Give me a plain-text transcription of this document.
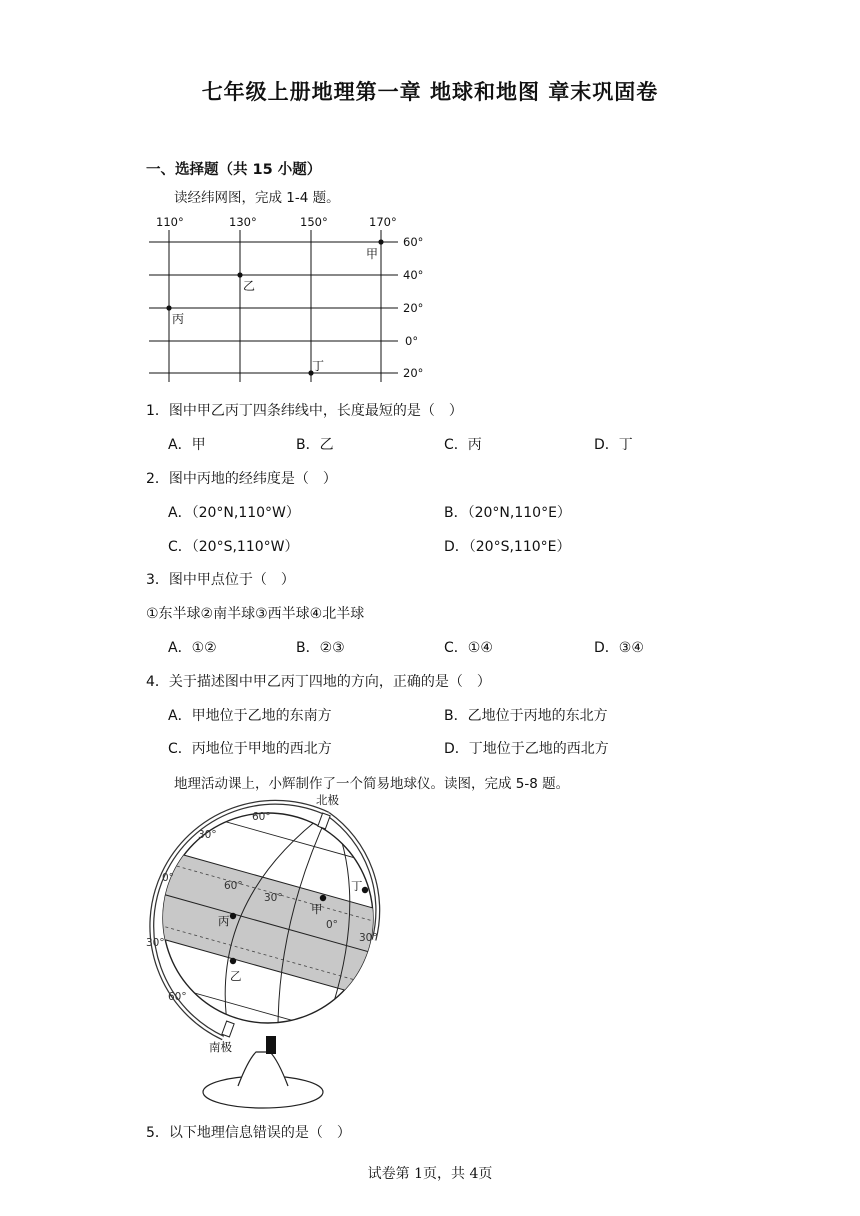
七年级上册地理第一章 地球和地图 章末巩固卷
一、选择题（共 15 小题）
读经纬网图，完成 1-4 题。
110°	130°	150°	170°
60°
40°
20°
0°
20°
甲
乙
丙
丁
1．图中甲乙丙丁四条纬线中，长度最短的是（　）
A．甲	B．乙	C．丙	D．丁
2．图中丙地的经纬度是（　）
A．（20°N,110°W）	B．（20°N,110°E）
C．（20°S,110°W）	D．（20°S,110°E）
3．图中甲点位于（　）
①东半球②南半球③西半球④北半球
A．①②	B．②③	C．①④	D．③④
4．关于描述图中甲乙丙丁四地的方向，正确的是（　）
A．甲地位于乙地的东南方	B．乙地位于丙地的东北方
C．丙地位于甲地的西北方	D．丁地位于乙地的西北方
地理活动课上，小辉制作了一个简易地球仪。读图，完成 5-8 题。
甲
丙
乙
丁
北极
南极
60°
30°
0°
30°
60°
60°
30°
0°
30°
5．以下地理信息错误的是（　）
试卷第 1页，共 4页
